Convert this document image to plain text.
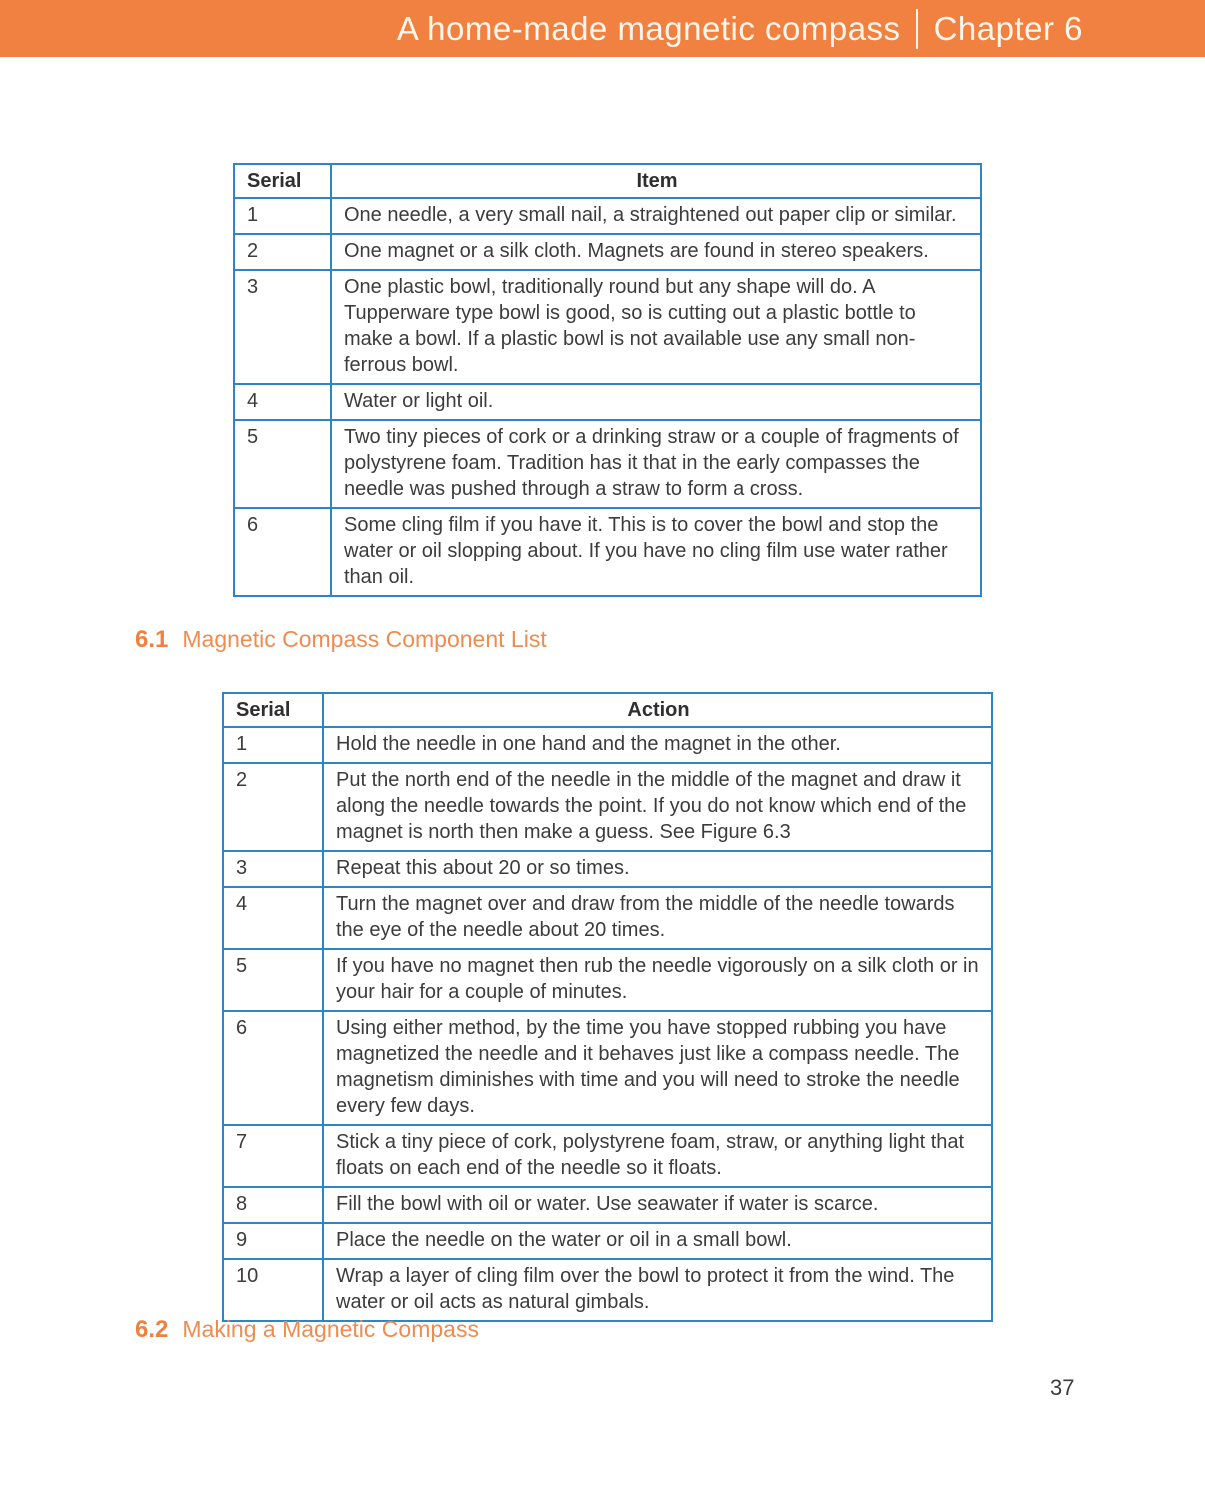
A home-made magnetic compass Chapter 6
Serial	Item
1	One needle, a very small nail, a straightened out paper clip or similar.
2	One magnet or a silk cloth. Magnets are found in stereo speakers.
3	One plastic bowl, traditionally round but any shape will do. A Tupperware type bowl is good, so is cutting out a plastic bottle to make a bowl. If a plastic bowl is not available use any small non-ferrous bowl.
4	Water or light oil.
5	Two tiny pieces of cork or a drinking straw or a couple of fragments of polystyrene foam. Tradition has it that in the early compasses the needle was pushed through a straw to form a cross.
6	Some cling film if you have it. This is to cover the bowl and stop the water or oil slopping about. If you have no cling film use water rather than oil.

6.1 Magnetic Compass Component List

Serial	Action
1	Hold the needle in one hand and the magnet in the other.
2	Put the north end of the needle in the middle of the magnet and draw it along the needle towards the point. If you do not know which end of the magnet is north then make a guess. See Figure 6.3
3	Repeat this about 20 or so times.
4	Turn the magnet over and draw from the middle of the needle towards the eye of the needle about 20 times.
5	If you have no magnet then rub the needle vigorously on a silk cloth or in your hair for a couple of minutes.
6	Using either method, by the time you have stopped rubbing you have magnetized the needle and it behaves just like a compass needle. The magnetism diminishes with time and you will need to stroke the needle every few days.
7	Stick a tiny piece of cork, polystyrene foam, straw, or anything light that floats on each end of the needle so it floats.
8	Fill the bowl with oil or water. Use seawater if water is scarce.
9	Place the needle on the water or oil in a small bowl.
10	Wrap a layer of cling film over the bowl to protect it from the wind. The water or oil acts as natural gimbals.

6.2 Making a Magnetic Compass

37
